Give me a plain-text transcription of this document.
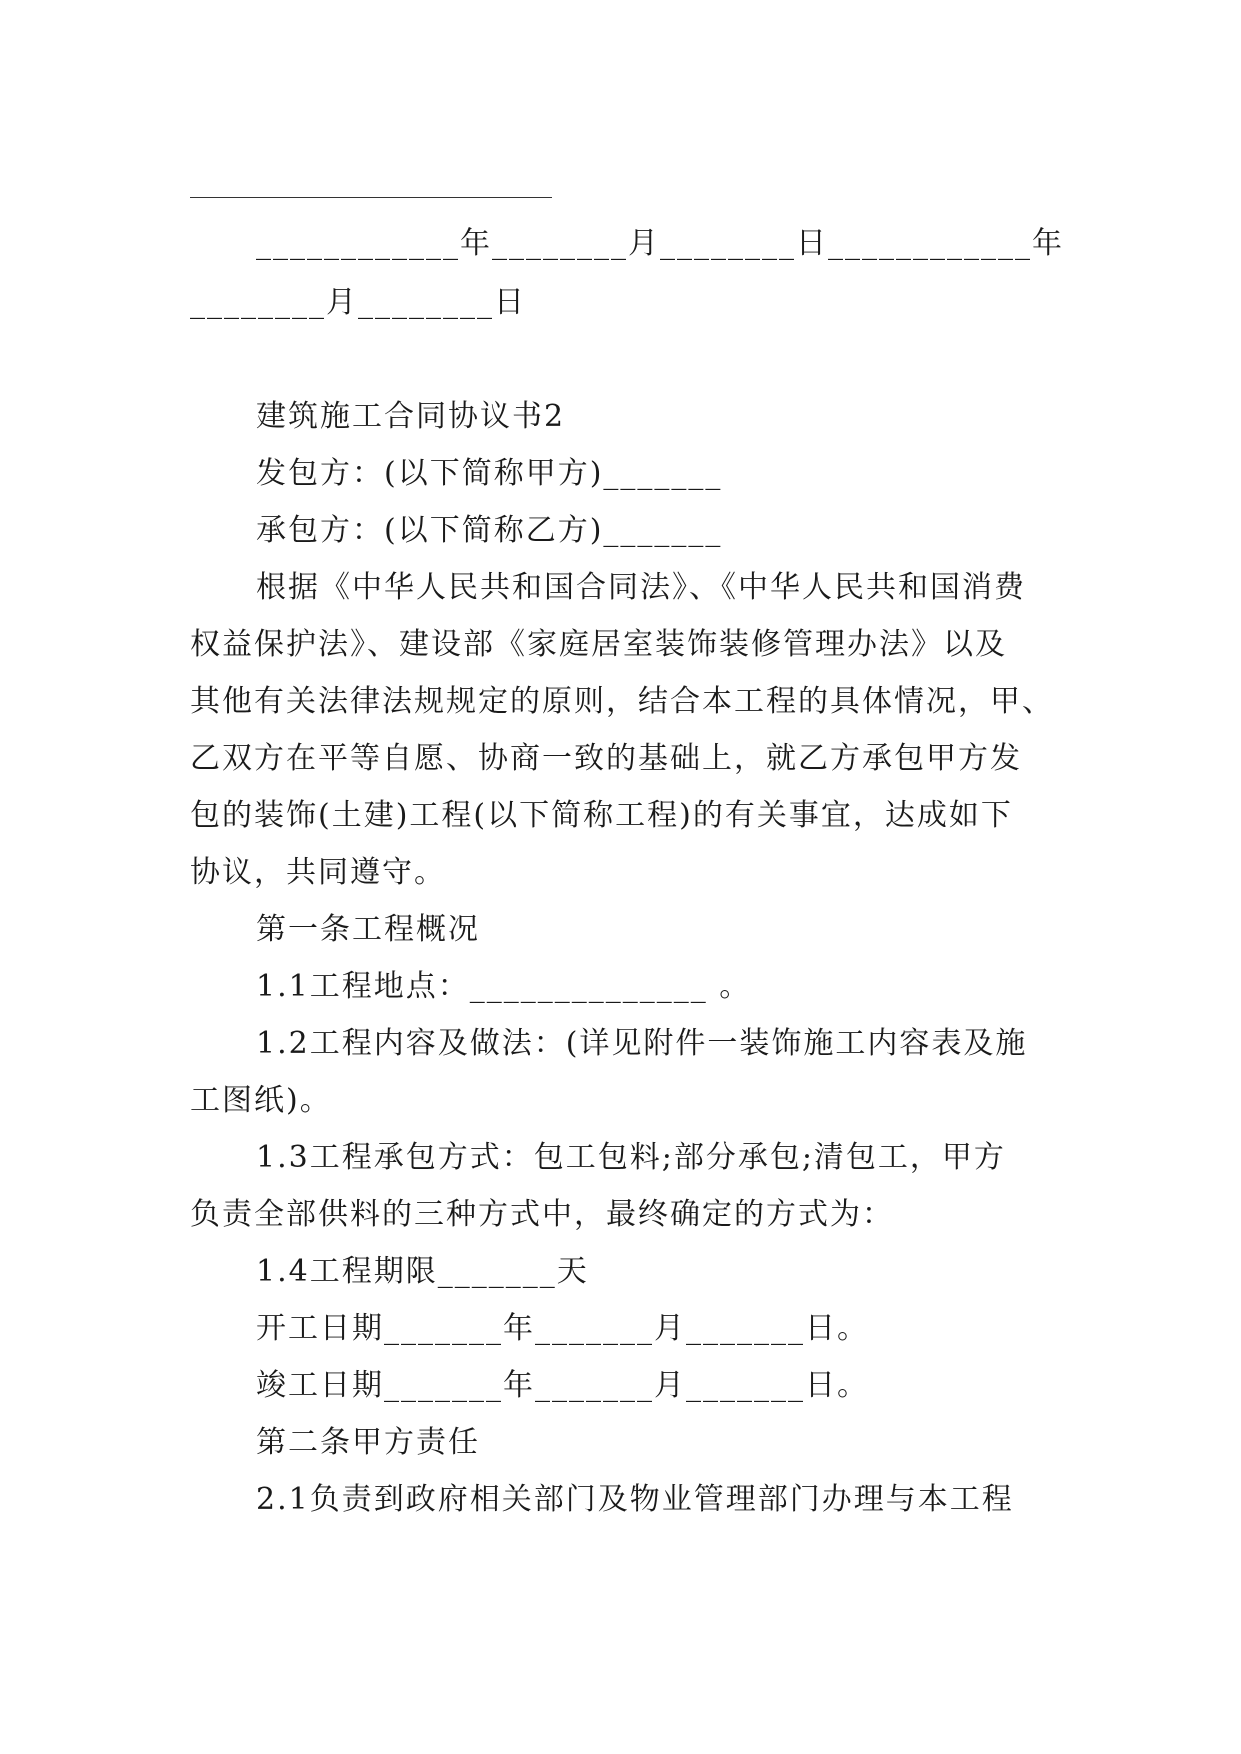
____________年________月________日____________年
________月________日
建筑施工合同协议书2
发包方：(以下简称甲方)_______
承包方：(以下简称乙方)_______
根据《中华人民共和国合同法》、《中华人民共和国消费
权益保护法》、建设部《家庭居室装饰装修管理办法》以及
其他有关法律法规规定的原则，结合本工程的具体情况，甲、
乙双方在平等自愿、协商一致的基础上，就乙方承包甲方发
包的装饰(土建)工程(以下简称工程)的有关事宜，达成如下
协议，共同遵守。
第一条工程概况
1.1工程地点：______________ 。
1.2工程内容及做法：(详见附件一装饰施工内容表及施
工图纸)。
1.3工程承包方式：包工包料;部分承包;清包工，甲方
负责全部供料的三种方式中，最终确定的方式为：
1.4工程期限_______天
开工日期_______年_______月_______日。
竣工日期_______年_______月_______日。
第二条甲方责任
2.1负责到政府相关部门及物业管理部门办理与本工程
